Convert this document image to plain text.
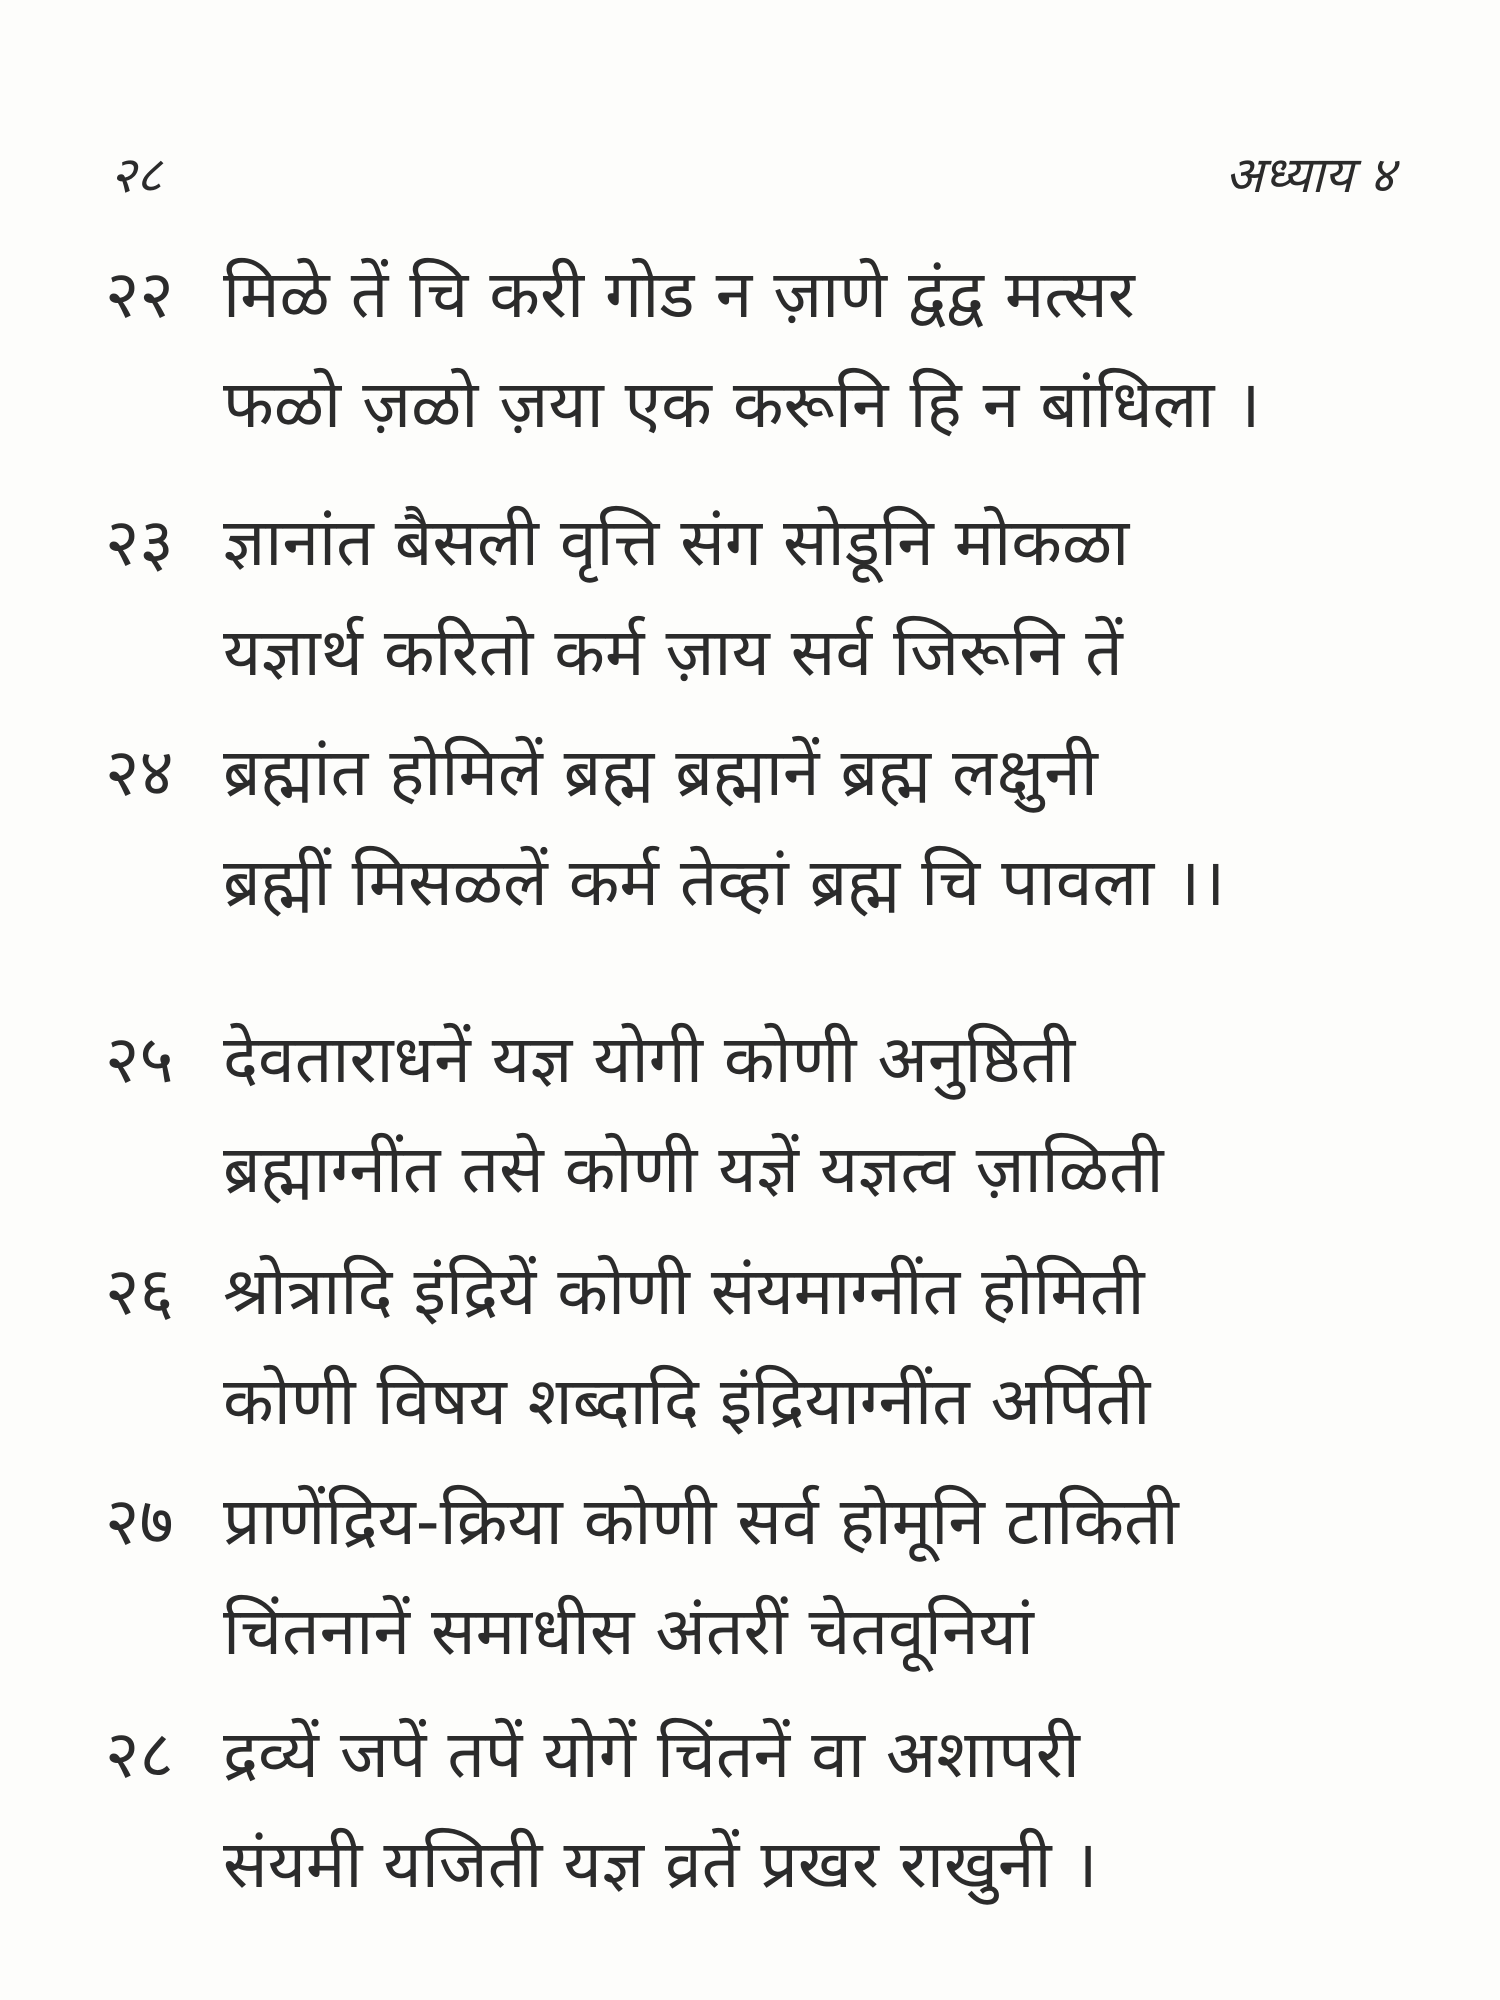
२८	अध्याय ४
२२ मिळे तें चि करी गोड न ज़ाणे द्वंद्व मत्सर
फळो ज़ळो ज़या एक करूनि हि न बांधिला ।
२३ ज्ञानांत बैसली वृत्ति संग सोडूनि मोकळा
यज्ञार्थ करितो कर्म ज़ाय सर्व जिरूनि तें
२४ ब्रह्मांत होमिलें ब्रह्म ब्रह्मानें ब्रह्म लक्षुनी
ब्रह्मीं मिसळलें कर्म तेव्हां ब्रह्म चि पावला ।।
२५ देवताराधनें यज्ञ योगी कोणी अनुष्ठिती
ब्रह्माग्नींत तसे कोणी यज्ञें यज्ञत्व ज़ाळिती
२६ श्रोत्रादि इंद्रियें कोणी संयमाग्नींत होमिती
कोणी विषय शब्दादि इंद्रियाग्नींत अर्पिती
२७ प्राणेंद्रिय-क्रिया कोणी सर्व होमूनि टाकिती
चिंतनानें समाधीस अंतरीं चेतवूनियां
२८ द्रव्यें जपें तपें योगें चिंतनें वा अशापरी
संयमी यजिती यज्ञ व्रतें प्रखर राखुनी ।
